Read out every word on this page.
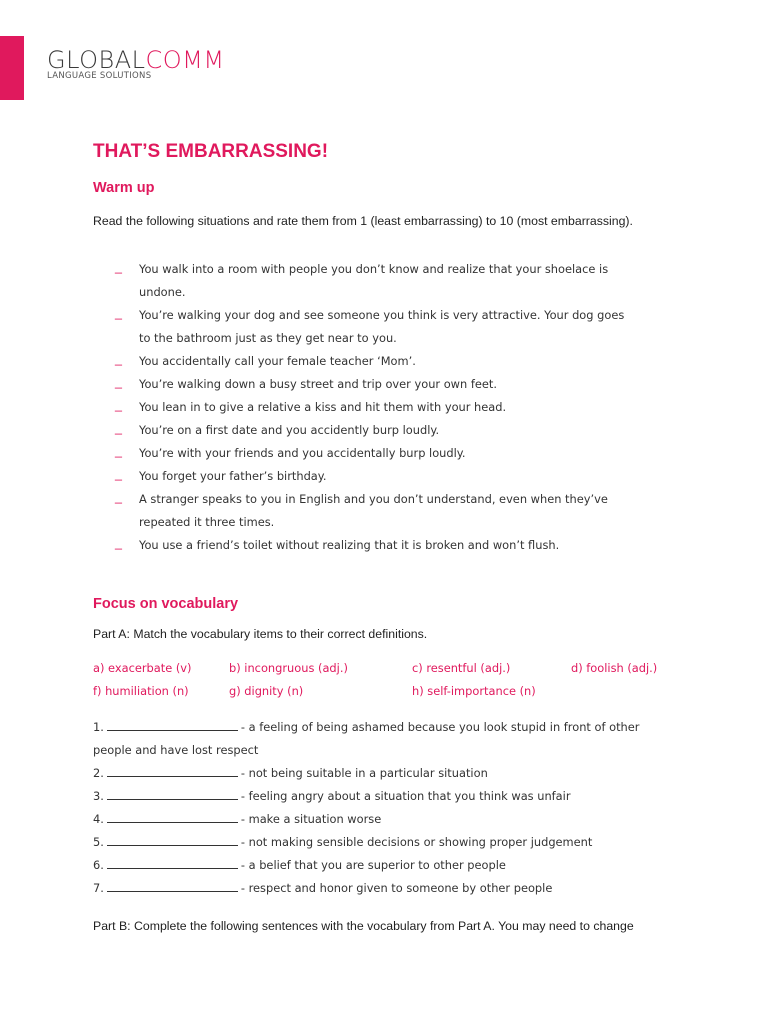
GLOBALCOMM
LANGUAGE SOLUTIONS
THAT’S EMBARRASSING!
Warm up
Read the following situations and rate them from 1 (least embarrassing) to 10 (most embarrassing).
_	You walk into a room with people you don’t know and realize that your shoelace is
undone.
_	You’re walking your dog and see someone you think is very attractive. Your dog goes
to the bathroom just as they get near to you.
_	You accidentally call your female teacher ‘Mom’.
_	You’re walking down a busy street and trip over your own feet.
_	You lean in to give a relative a kiss and hit them with your head.
_	You’re on a first date and you accidently burp loudly.
_	You’re with your friends and you accidentally burp loudly.
_	You forget your father’s birthday.
_	A stranger speaks to you in English and you don’t understand, even when they’ve
repeated it three times.
_	You use a friend’s toilet without realizing that it is broken and won’t flush.
Focus on vocabulary
Part A: Match the vocabulary items to their correct definitions.
a) exacerbate (v)	b) incongruous (adj.)	c) resentful (adj.)	d) foolish (adj.)
f) humiliation (n)	g) dignity (n)	h) self-importance (n)
1.	- a feeling of being ashamed because you look stupid in front of other
people and have lost respect
2.	- not being suitable in a particular situation
3.	- feeling angry about a situation that you think was unfair
4.	- make a situation worse
5.	- not making sensible decisions or showing proper judgement
6.	- a belief that you are superior to other people
7.	- respect and honor given to someone by other people
Part B: Complete the following sentences with the vocabulary from Part A. You may need to change
